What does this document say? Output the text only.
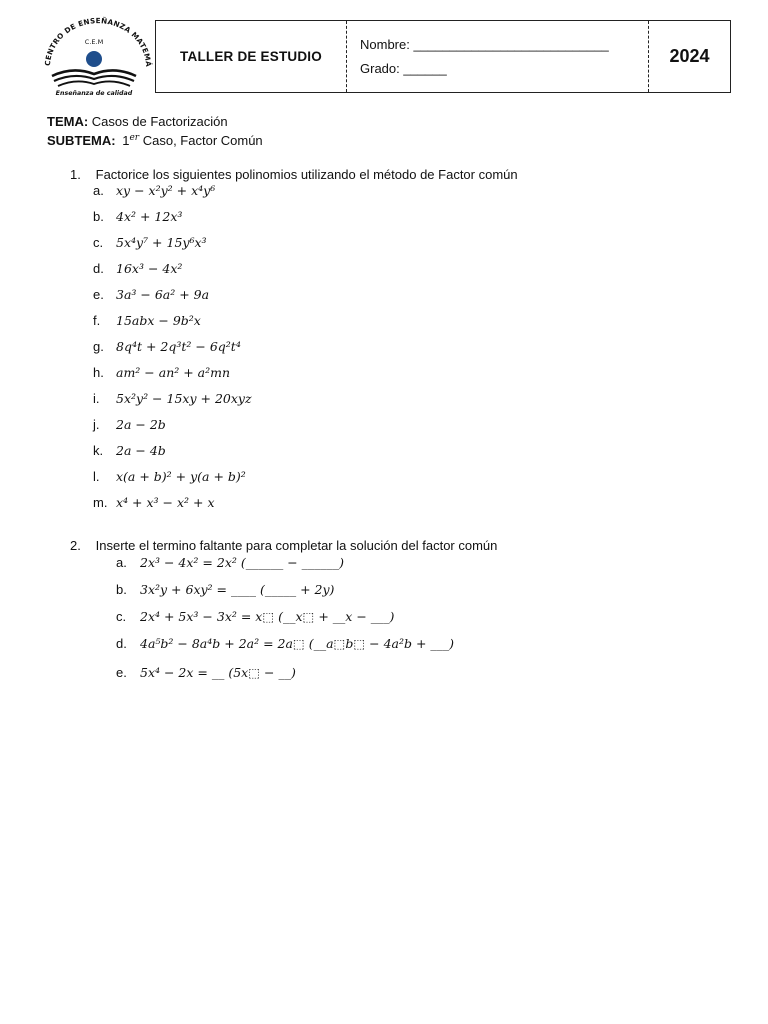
CENTRO DE ENSEÑANZA MATEMÁ
C.E.M
Enseñanza de calidad
TALLER DE ESTUDIO
Nombre: ___________________________
Grado: ______
2024
TEMA: Casos de Factorización
SUBTEMA: 1er Caso, Factor Común
1. Factorice los siguientes polinomios utilizando el método de Factor común
a. xy − x²y² + x⁴y⁶
b. 4x² + 12x³
c. 5x⁴y⁷ + 15y⁶x³
d. 16x³ − 4x²
e. 3a³ − 6a² + 9a
f. 15abx − 9b²x
g. 8q⁴t + 2q³t² − 6q²t⁴
h. am² − an² + a²mn
i. 5x²y² − 15xy + 20xyz
j. 2a − 2b
k. 2a − 4b
l. x(a + b)² + y(a + b)²
m. x⁴ + x³ − x² + x
2. Inserte el termino faltante para completar la solución del factor común
a. 2x³ − 4x² = 2x² (______ − ______)
b. 3x²y + 6xy² = ____ (_____ + 2y)
c. 2x⁴ + 5x³ − 3x² = x⬚ (__x⬚ + __x − ___)
d. 4a⁵b² − 8a⁴b + 2a² = 2a⬚ (__a⬚b⬚ − 4a²b + ___)
e. 5x⁴ − 2x = __ (5x⬚ − __)
